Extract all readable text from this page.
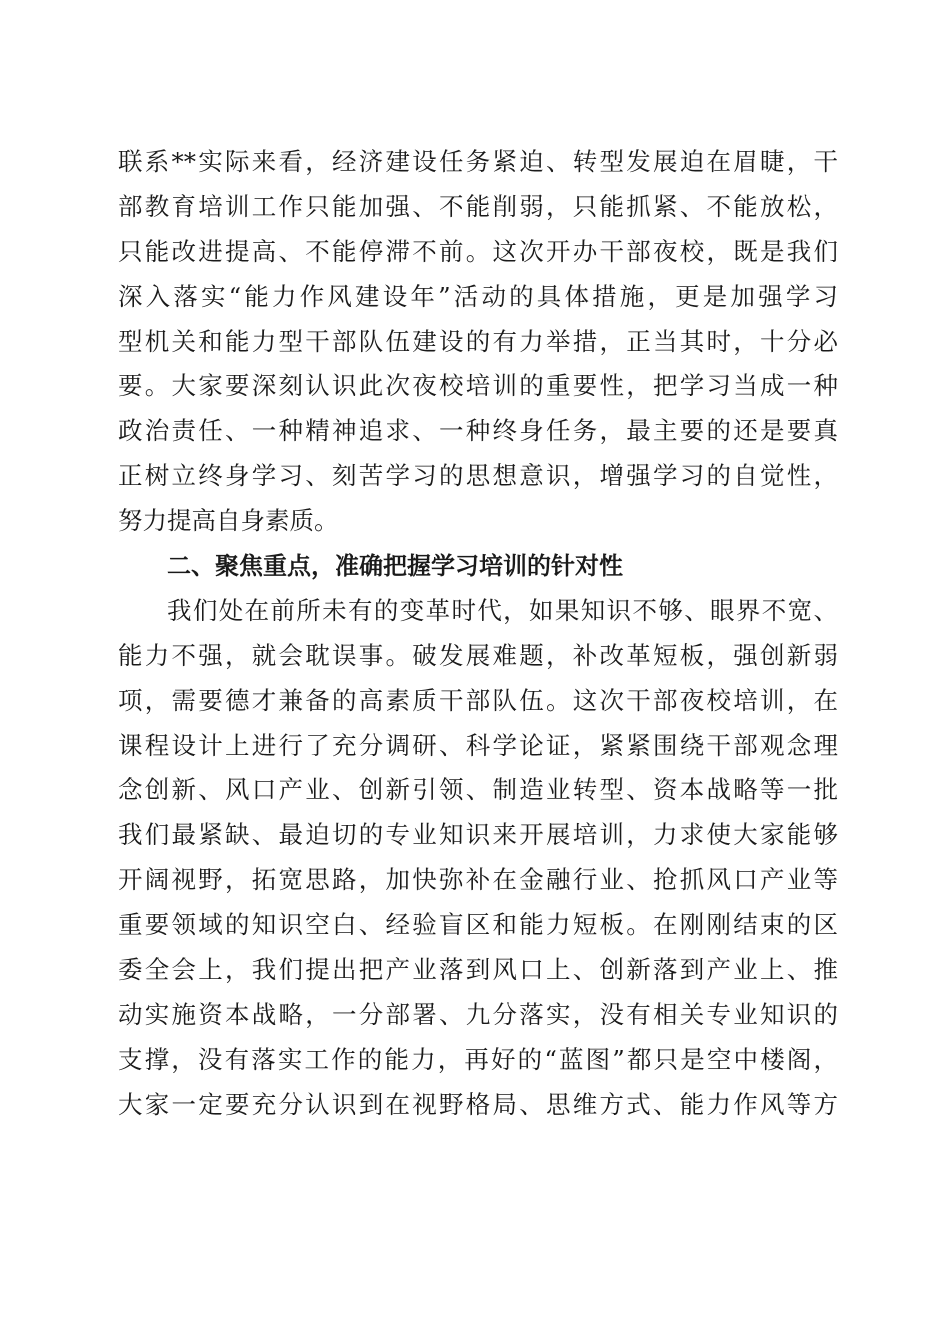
联系**实际来看，经济建设任务紧迫、转型发展迫在眉睫，干
部教育培训工作只能加强、不能削弱，只能抓紧、不能放松，
只能改进提高、不能停滞不前。这次开办干部夜校，既是我们
深入落实“能力作风建设年”活动的具体措施，更是加强学习
型机关和能力型干部队伍建设的有力举措，正当其时，十分必
要。大家要深刻认识此次夜校培训的重要性，把学习当成一种
政治责任、一种精神追求、一种终身任务，最主要的还是要真
正树立终身学习、刻苦学习的思想意识，增强学习的自觉性，
努力提高自身素质。
二、聚焦重点，准确把握学习培训的针对性
我们处在前所未有的变革时代，如果知识不够、眼界不宽、
能力不强，就会耽误事。破发展难题，补改革短板，强创新弱
项，需要德才兼备的高素质干部队伍。这次干部夜校培训，在
课程设计上进行了充分调研、科学论证，紧紧围绕干部观念理
念创新、风口产业、创新引领、制造业转型、资本战略等一批
我们最紧缺、最迫切的专业知识来开展培训，力求使大家能够
开阔视野，拓宽思路，加快弥补在金融行业、抢抓风口产业等
重要领域的知识空白、经验盲区和能力短板。在刚刚结束的区
委全会上，我们提出把产业落到风口上、创新落到产业上、推
动实施资本战略，一分部署、九分落实，没有相关专业知识的
支撑，没有落实工作的能力，再好的“蓝图”都只是空中楼阁，
大家一定要充分认识到在视野格局、思维方式、能力作风等方
